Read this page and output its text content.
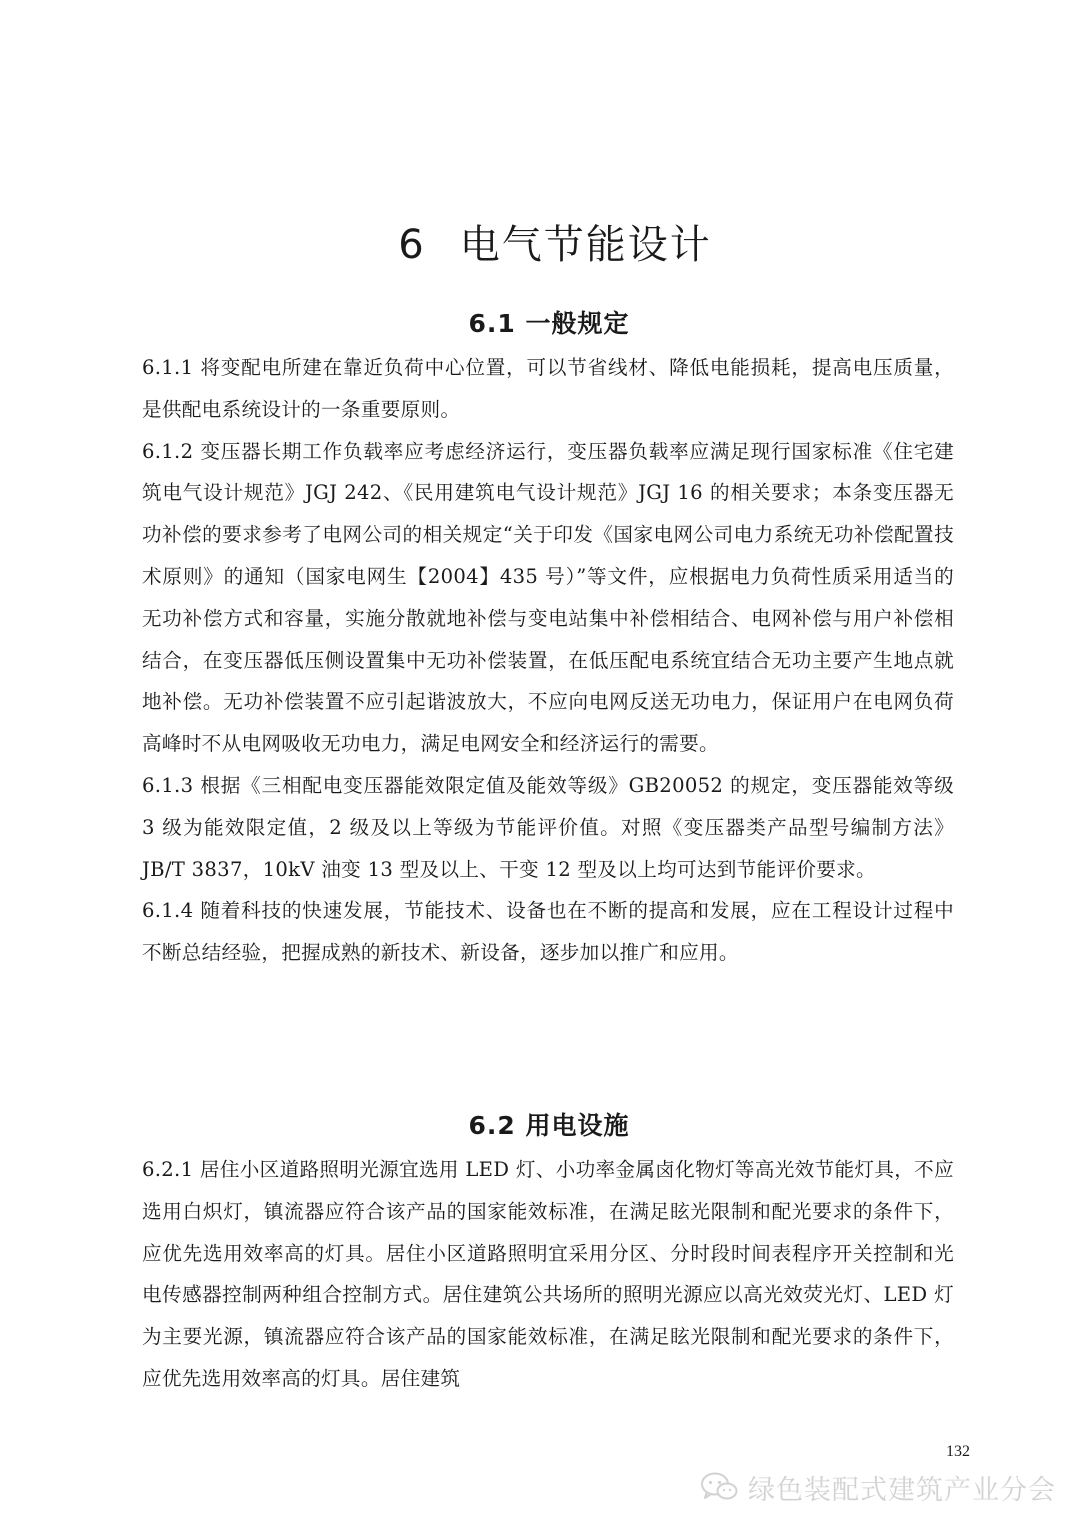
6 电气节能设计
6.1 一般规定

6.1.1 将变配电所建在靠近负荷中心位置，可以节省线材、降低电能损耗，提高电压质量，是供配电系统设计的一条重要原则。

6.1.2 变压器长期工作负载率应考虑经济运行，变压器负载率应满足现行国家标准《住宅建筑电气设计规范》JGJ 242、《民用建筑电气设计规范》JGJ 16 的相关要求；本条变压器无功补偿的要求参考了电网公司的相关规定“关于印发《国家电网公司电力系统无功补偿配置技术原则》的通知（国家电网生【2004】435 号）”等文件，应根据电力负荷性质采用适当的无功补偿方式和容量，实施分散就地补偿与变电站集中补偿相结合、电网补偿与用户补偿相结合，在变压器低压侧设置集中无功补偿装置，在低压配电系统宜结合无功主要产生地点就地补偿。无功补偿装置不应引起谐波放大，不应向电网反送无功电力，保证用户在电网负荷高峰时不从电网吸收无功电力，满足电网安全和经济运行的需要。

6.1.3 根据《三相配电变压器能效限定值及能效等级》GB20052 的规定，变压器能效等级 3 级为能效限定值，2 级及以上等级为节能评价值。对照《变压器类产品型号编制方法》JB/T 3837，10kV 油变 13 型及以上、干变 12 型及以上均可达到节能评价要求。

6.1.4 随着科技的快速发展，节能技术、设备也在不断的提高和发展，应在工程设计过程中不断总结经验，把握成熟的新技术、新设备，逐步加以推广和应用。

6.2 用电设施

6.2.1 居住小区道路照明光源宜选用 LED 灯、小功率金属卤化物灯等高光效节能灯具，不应选用白炽灯，镇流器应符合该产品的国家能效标准，在满足眩光限制和配光要求的条件下，应优先选用效率高的灯具。居住小区道路照明宜采用分区、分时段时间表程序开关控制和光电传感器控制两种组合控制方式。居住建筑公共场所的照明光源应以高光效荧光灯、LED 灯为主要光源，镇流器应符合该产品的国家能效标准，在满足眩光限制和配光要求的条件下，应优先选用效率高的灯具。居住建筑

132
绿色装配式建筑产业分会
